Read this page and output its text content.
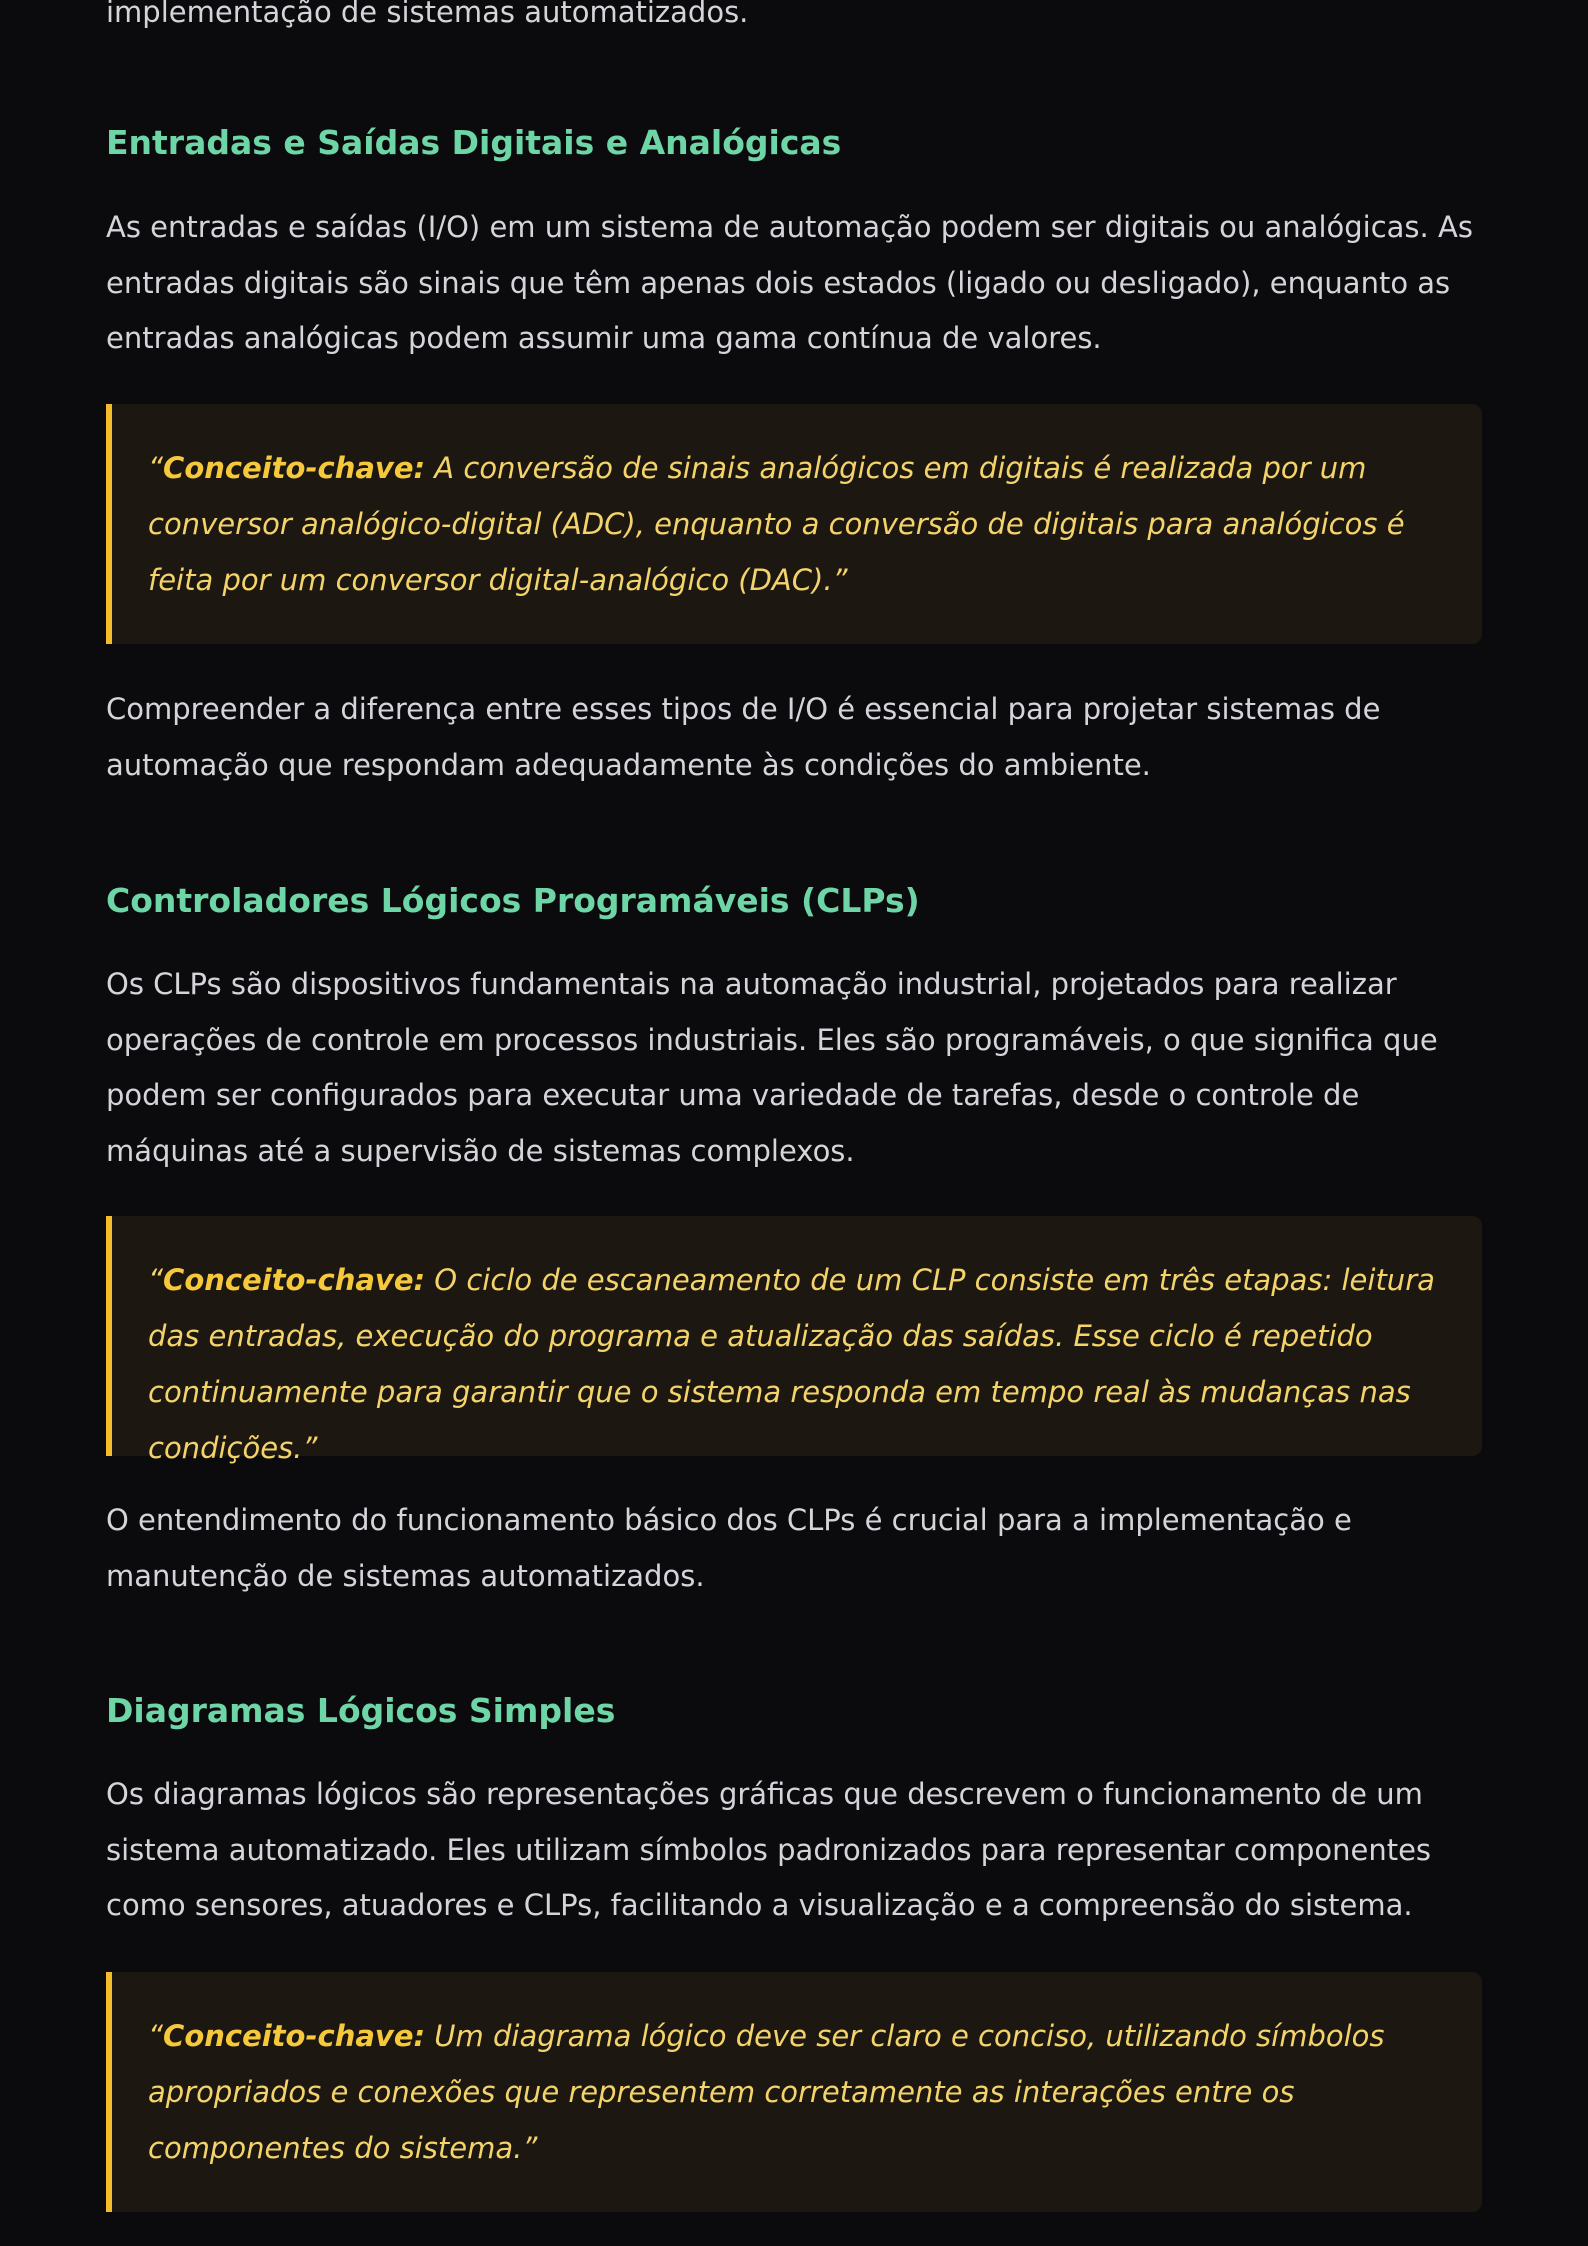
implementação de sistemas automatizados.

Entradas e Saídas Digitais e Analógicas

As entradas e saídas (I/O) em um sistema de automação podem ser digitais ou analógicas. As entradas digitais são sinais que têm apenas dois estados (ligado ou desligado), enquanto as entradas analógicas podem assumir uma gama contínua de valores.

“Conceito-chave: A conversão de sinais analógicos em digitais é realizada por um conversor analógico-digital (ADC), enquanto a conversão de digitais para analógicos é feita por um conversor digital-analógico (DAC).”

Compreender a diferença entre esses tipos de I/O é essencial para projetar sistemas de automação que respondam adequadamente às condições do ambiente.

Controladores Lógicos Programáveis (CLPs)

Os CLPs são dispositivos fundamentais na automação industrial, projetados para realizar operações de controle em processos industriais. Eles são programáveis, o que significa que podem ser configurados para executar uma variedade de tarefas, desde o controle de máquinas até a supervisão de sistemas complexos.

“Conceito-chave: O ciclo de escaneamento de um CLP consiste em três etapas: leitura das entradas, execução do programa e atualização das saídas. Esse ciclo é repetido continuamente para garantir que o sistema responda em tempo real às mudanças nas condições.”

O entendimento do funcionamento básico dos CLPs é crucial para a implementação e manutenção de sistemas automatizados.

Diagramas Lógicos Simples

Os diagramas lógicos são representações gráficas que descrevem o funcionamento de um sistema automatizado. Eles utilizam símbolos padronizados para representar componentes como sensores, atuadores e CLPs, facilitando a visualização e a compreensão do sistema.

“Conceito-chave: Um diagrama lógico deve ser claro e conciso, utilizando símbolos apropriados e conexões que representem corretamente as interações entre os componentes do sistema.”
